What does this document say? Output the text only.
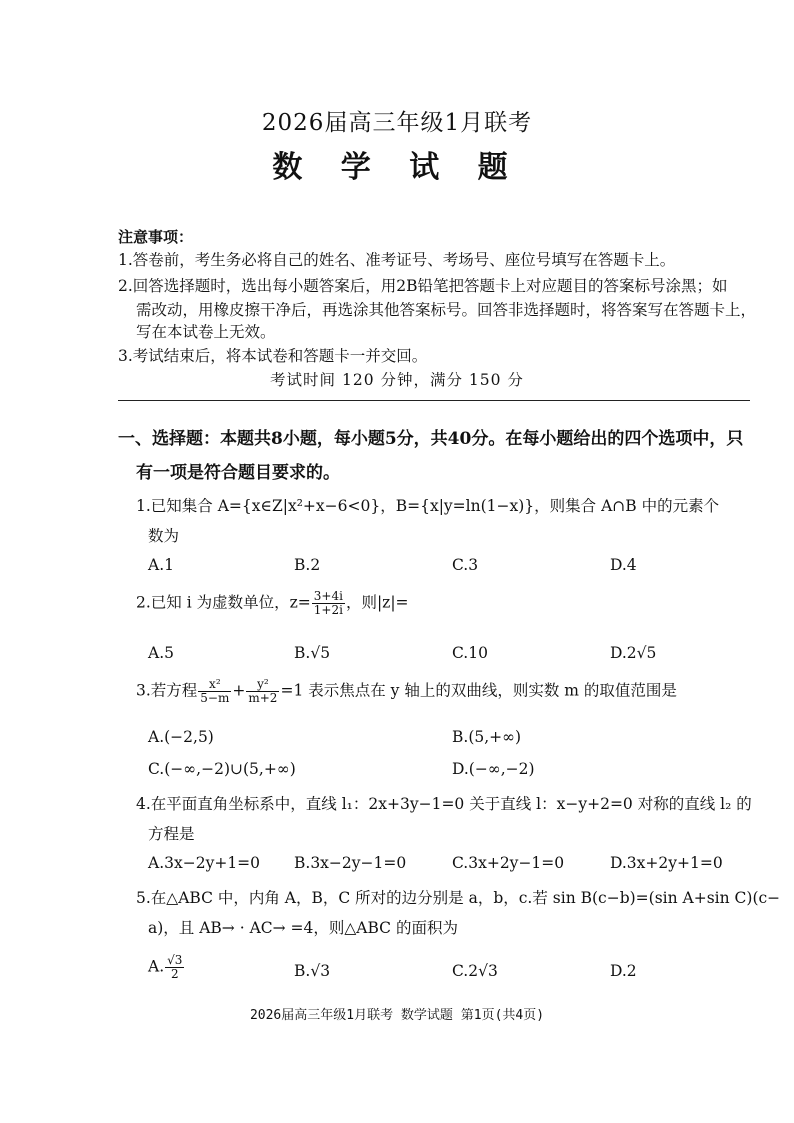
2026届高三年级1月联考
数 学 试 题
注意事项：
1.答卷前，考生务必将自己的姓名、准考证号、考场号、座位号填写在答题卡上。
2.回答选择题时，选出每小题答案后，用2B铅笔把答题卡上对应题目的答案标号涂黑；如
需改动，用橡皮擦干净后，再选涂其他答案标号。回答非选择题时，将答案写在答题卡上，
写在本试卷上无效。
3.考试结束后，将本试卷和答题卡一并交回。
考试时间 120 分钟，满分 150 分
一、选择题：本题共8小题，每小题5分，共40分。在每小题给出的四个选项中，只
有一项是符合题目要求的。
1.已知集合 A={x∈Z|x²+x−6<0}，B={x|y=ln(1−x)}，则集合 A∩B 中的元素个
数为
A.1	B.2	C.3	D.4
2.已知 i 为虚数单位，$z= \frac{3+4i}{1+2i}$ ，则|z|=
A.5	B.√5	C.10	D.2√5
3.若方程 $\frac{\text{x²}}{5-m} + \frac{\text{y²}}{m+2} =1$ 表示焦点在 y 轴上的双曲线，则实数 m 的取值范围是
A.(−2,5)	B.(5,+∞)
C.(−∞,−2)∪(5,+∞)	D.(−∞,−2)
4.在平面直角坐标系中，直线 l₁：2x+3y−1=0 关于直线 l：x−y+2=0 对称的直线 l₂ 的
方程是
A.3x−2y+1=0 B.3x−2y−1=0	C.3x+2y−1=0	D.3x+2y+1=0
5.在△ABC 中，内角 A，B，C 所对的边分别是 a，b，c.若 sin B(c−b)=(sin A+sin C)(c−
a)，且 AB→ · AC→ =4，则△ABC 的面积为
A. $\frac{√3}{2}$	B.√3	C.2√3	D.2
2026届高三年级1月联考 数学试题 第1页(共4页)
